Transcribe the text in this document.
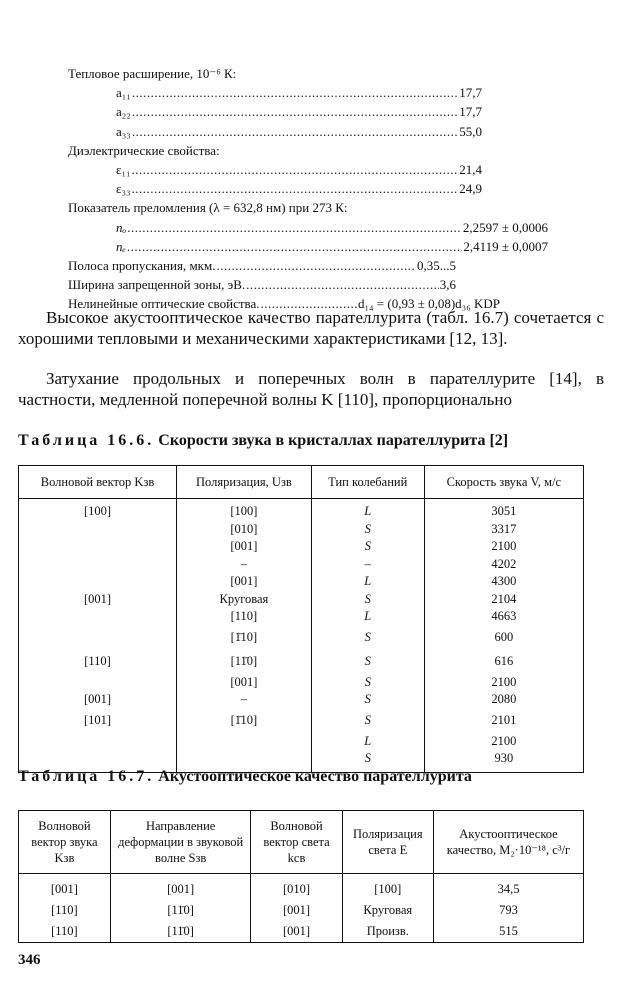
Тепловое расширение, 10⁻⁶ К:
a₁₁ .....	17,7
a₂₂ .....	17,7
a₃₃ .....	55,0
Диэлектрические свойства:
ε₁₁ .....	21,4
ε₃₃ .....	24,9
Показатель преломления (λ = 632,8 нм) при 273 К:
nₒ .....	2,2597 ± 0,0006
nₑ .....	2,4119 ± 0,0007
Полоса пропускания, мкм. .....	0,35...5
Ширина запрещенной зоны, эВ. .....	3,6
Нелинейные оптические свойства. .....	d₁₄ = (0,93 ± 0,08)d₃₆ KDP

Высокое акустооптическое качество парателлурита (табл. 16.7) сочетается с хорошими тепловыми и механическими характеристиками [12, 13].

Затухание продольных и поперечных волн в парателлурите [14], в частности, медленной поперечной волны K [110], пропорционально

Таблица 16.6. Скорости звука в кристаллах парателлурита [2]
Волновой вектор Kзв	Поляризация, Uзв	Тип колебаний	Скорость звука V, м/с
[100]	[100]	L	3051
	[010]	S	3317
	[001]	S	2100
	–	–	4202
	[001]	L	4300
[001]	Круговая	S	2104
	[110]	L	4663
	[1̄10]	S	600
[110]	[11̄0]	S	616
	[001]	S	2100
[001]	–	S	2080
[101]	[1̄10]	S	2101
		L	2100
		S	930
Таблица 16.7. Акустооптическое качество парателлурита
Волновой вектор звука Kзв	Направление деформации в звуковой волне Sзв	Волновой вектор света kсв	Поляризация света E	Акустооптическое качество, M₂·10⁻¹⁸, с³/г
[001]	[001]	[010]	[100]	34,5
[110]	[11̄0]	[001]	Круговая	793
[110]	[11̄0]	[001]	Произв.	515
346
